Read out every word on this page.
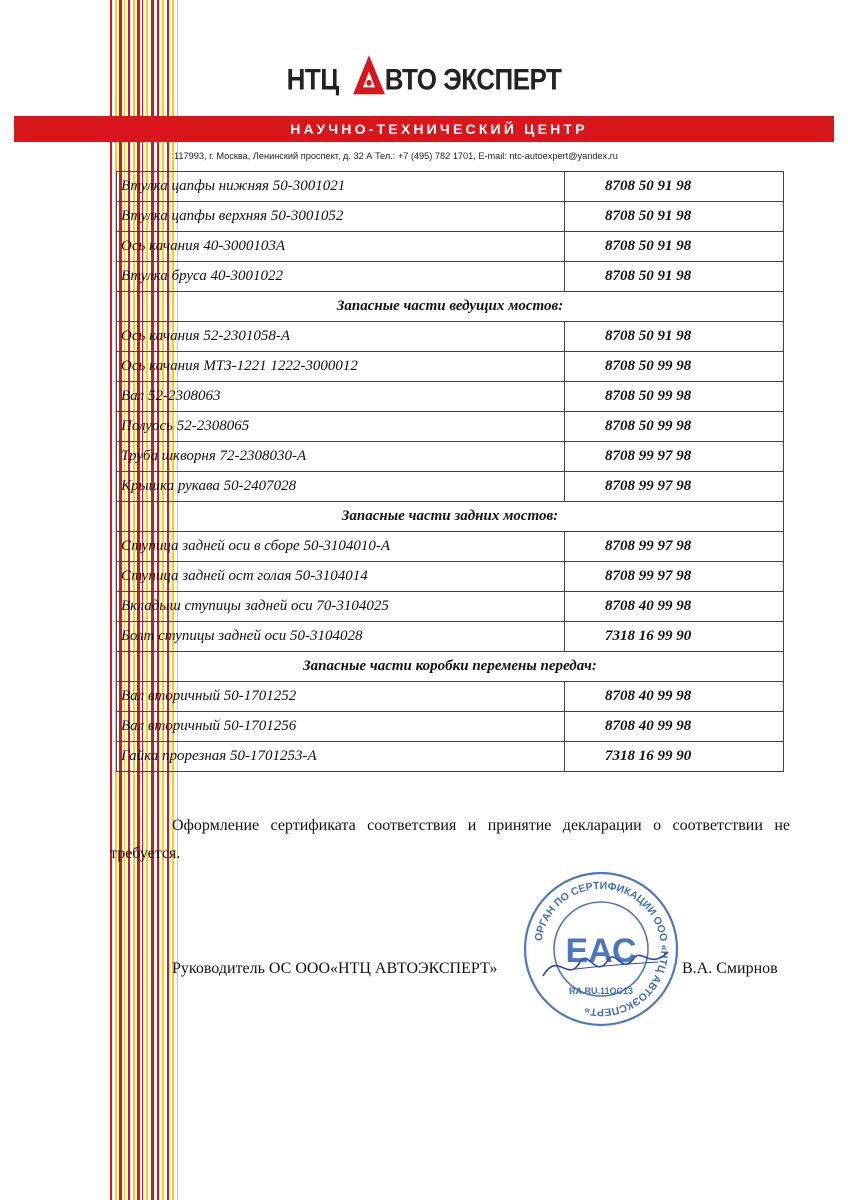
НТЦ ВТО ЭКСПЕРТ
НАУЧНО-ТЕХНИЧЕСКИЙ ЦЕНТР
117993, г. Москва, Ленинский проспект, д. 32 А Тел.: +7 (495) 782 1701, E-mail: ntc-autoexpert@yandex.ru
Втулка цапфы нижняя 50-3001021	8708 50 91 98
Втулка цапфы верхняя 50-3001052	8708 50 91 98
Ось качания 40-3000103А	8708 50 91 98
Втулка бруса 40-3001022	8708 50 91 98
Запасные части ведущих мостов:	
Ось качания 52-2301058-А	8708 50 91 98
Ось качания МТЗ-1221 1222-3000012	8708 50 99 98
Вал 52-2308063	8708 50 99 98
Полуось 52-2308065	8708 50 99 98
Труба шкворня 72-2308030-А	8708 99 97 98
Крышка рукава 50-2407028	8708 99 97 98
Запасные части задних мостов:	
Ступица задней оси в сборе 50-3104010-А	8708 99 97 98
Ступица задней ост голая 50-3104014	8708 99 97 98
Вкладыш ступицы задней оси 70-3104025	8708 40 99 98
Болт ступицы задней оси 50-3104028	7318 16 99 90
Запасные части коробки перемены передач:	
Вал вторичный 50-1701252	8708 40 99 98
Вал вторичный 50-1701256	8708 40 99 98
Гайка прорезная 50-1701253-А	7318 16 99 90
Оформление сертификата соответствия и принятие декларации о соответствии не требуется.
Руководитель ОС ООО«НТЦ АВТОЭКСПЕРТ»
ОРГАН ПО СЕРТИФИКАЦИИ ООО «НТЦ АВТОЭКСПЕРТ»
ЕАС
RA.RU.11ОС13
В.А. Смирнов
